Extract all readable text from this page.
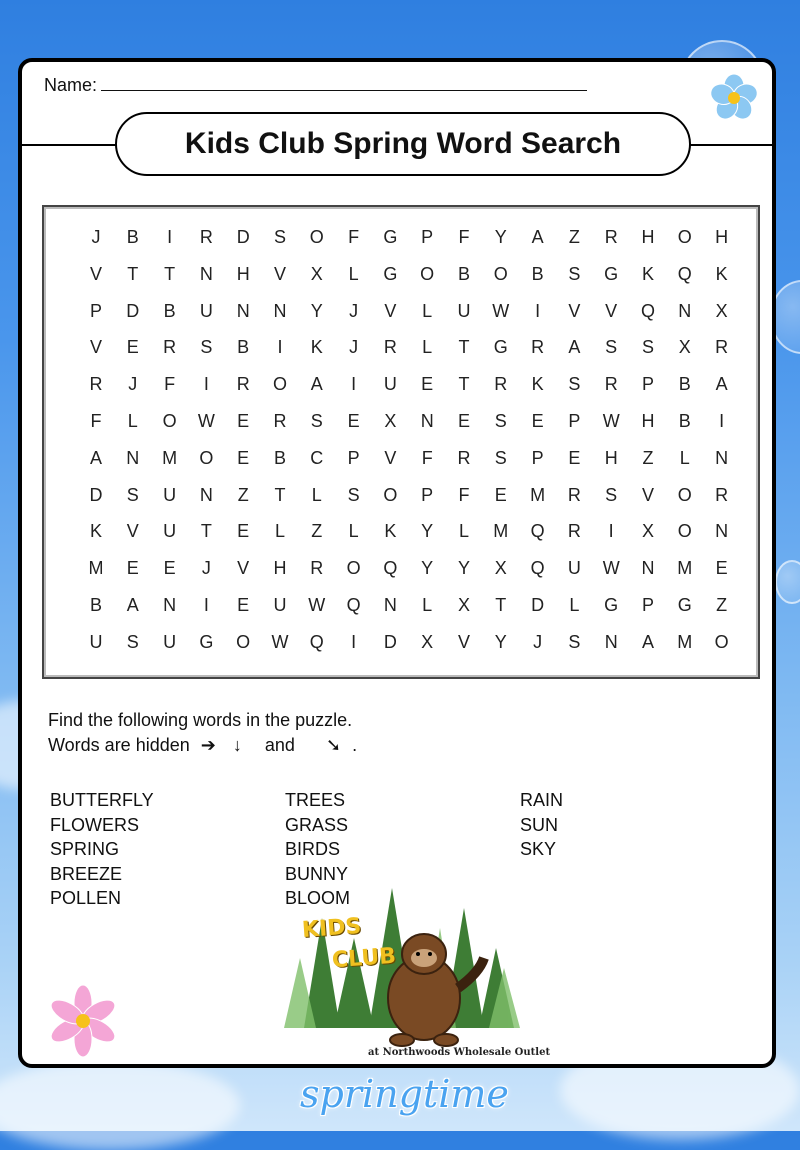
Name:
Kids Club Spring Word Search
J	B	I	R	D	S	O	F	G	P	F	Y	A	Z	R	H	O	H
V	T	T	N	H	V	X	L	G	O	B	O	B	S	G	K	Q	K
P	D	B	U	N	N	Y	J	V	L	U	W	I	V	V	Q	N	X
V	E	R	S	B	I	K	J	R	L	T	G	R	A	S	S	X	R
R	J	F	I	R	O	A	I	U	E	T	R	K	S	R	P	B	A
F	L	O	W	E	R	S	E	X	N	E	S	E	P	W	H	B	I
A	N	M	O	E	B	C	P	V	F	R	S	P	E	H	Z	L	N
D	S	U	N	Z	T	L	S	O	P	F	E	M	R	S	V	O	R
K	V	U	T	E	L	Z	L	K	Y	L	M	Q	R	I	X	O	N
M	E	E	J	V	H	R	O	Q	Y	Y	X	Q	U	W	N	M	E
B	A	N	I	E	U	W	Q	N	L	X	T	D	L	G	P	G	Z
U	S	U	G	O	W	Q	I	D	X	V	Y	J	S	N	A	M	O
Find the following words in the puzzle.
Words are hidden ➔ ↓ and ➘ .
BUTTERFLY
FLOWERS
SPRING
BREEZE
POLLEN
TREES
GRASS
BIRDS
BUNNY
BLOOM
RAIN
SUN
SKY
KIDS
CLUB
at Northwoods Wholesale Outlet
springtime
